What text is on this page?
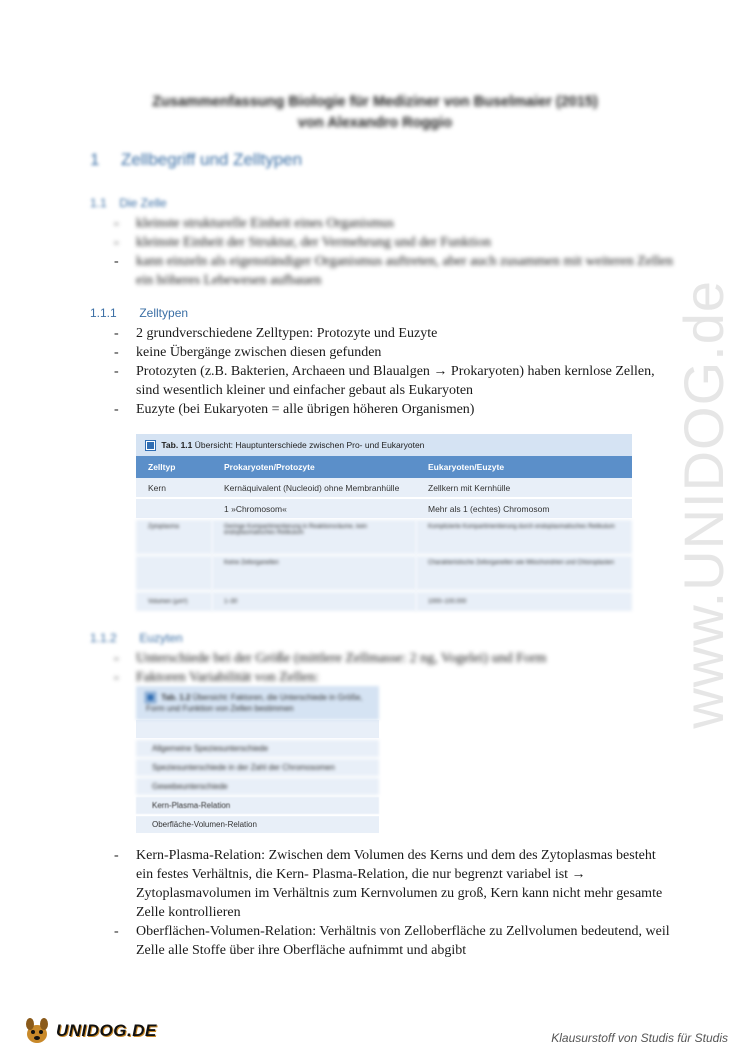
www.UNIDOG.de
Zusammenfassung Biologie für Mediziner von Buselmaier (2015)
von Alexandro Roggio
1 Zellbegriff und Zelltypen
1.1 Die Zelle
- kleinste strukturelle Einheit eines Organismus
- kleinste Einheit der Struktur, der Vermehrung und der Funktion
- kann einzeln als eigenständiger Organismus auftreten, aber auch zusammen mit weiteren Zellen ein höheres Lebewesen aufbauen
1.1.1 Zelltypen
- 2 grundverschiedene Zelltypen: Protozyte und Euzyte
- keine Übergänge zwischen diesen gefunden
- Protozyten (z.B. Bakterien, Archaeen und Blaualgen → Prokaryoten) haben kernlose Zellen, sind wesentlich kleiner und einfacher gebaut als Eukaryoten
- Euzyte (bei Eukaryoten = alle übrigen höheren Organismen)
Tab. 1.1 Übersicht: Hauptunterschiede zwischen Pro- und Eukaryoten
Zelltyp	Prokaryoten/Protozyte	Eukaryoten/Euzyte
Kern	Kernäquivalent (Nucleoid) ohne Membranhülle	Zellkern mit Kernhülle
	1 »Chromosom«	Mehr als 1 (echtes) Chromosom
Zytoplasma	Geringe Kompartimentierung in Reaktionsräume, kein endoplasmatisches Retikulum	Komplizierte Kompartimentierung durch endoplasmatisches Retikulum
	Keine Zellorganellen	Charakteristische Zellorganellen wie Mitochondrien und Chloroplasten
Volumen (µm³)	1–30	1000–100.000
1.1.2 Euzyten
- Unterschiede bei der Größe (mittlere Zellmasse: 2 ng, Vogelei) und Form
- Faktoren Variabilität von Zellen:
Tab. 1.2 Übersicht: Faktoren, die Unterschiede in Größe, Form und Funktion von Zellen bestimmen
Allgemeine Speziesunterschiede
Speziesunterschiede in der Zahl der Chromosomen
Gewebeunterschiede
Kern-Plasma-Relation
Oberfläche-Volumen-Relation
- Kern-Plasma-Relation: Zwischen dem Volumen des Kerns und dem des Zytoplasmas besteht ein festes Verhältnis, die Kern- Plasma-Relation, die nur begrenzt variabel ist → Zytoplasmavolumen im Verhältnis zum Kernvolumen zu groß, Kern kann nicht mehr gesamte Zelle kontrollieren
- Oberflächen-Volumen-Relation: Verhältnis von Zelloberfläche zu Zellvolumen bedeutend, weil Zelle alle Stoffe über ihre Oberfläche aufnimmt und abgibt
UNIDOG.DE	Klausurstoff von Studis für Studis
